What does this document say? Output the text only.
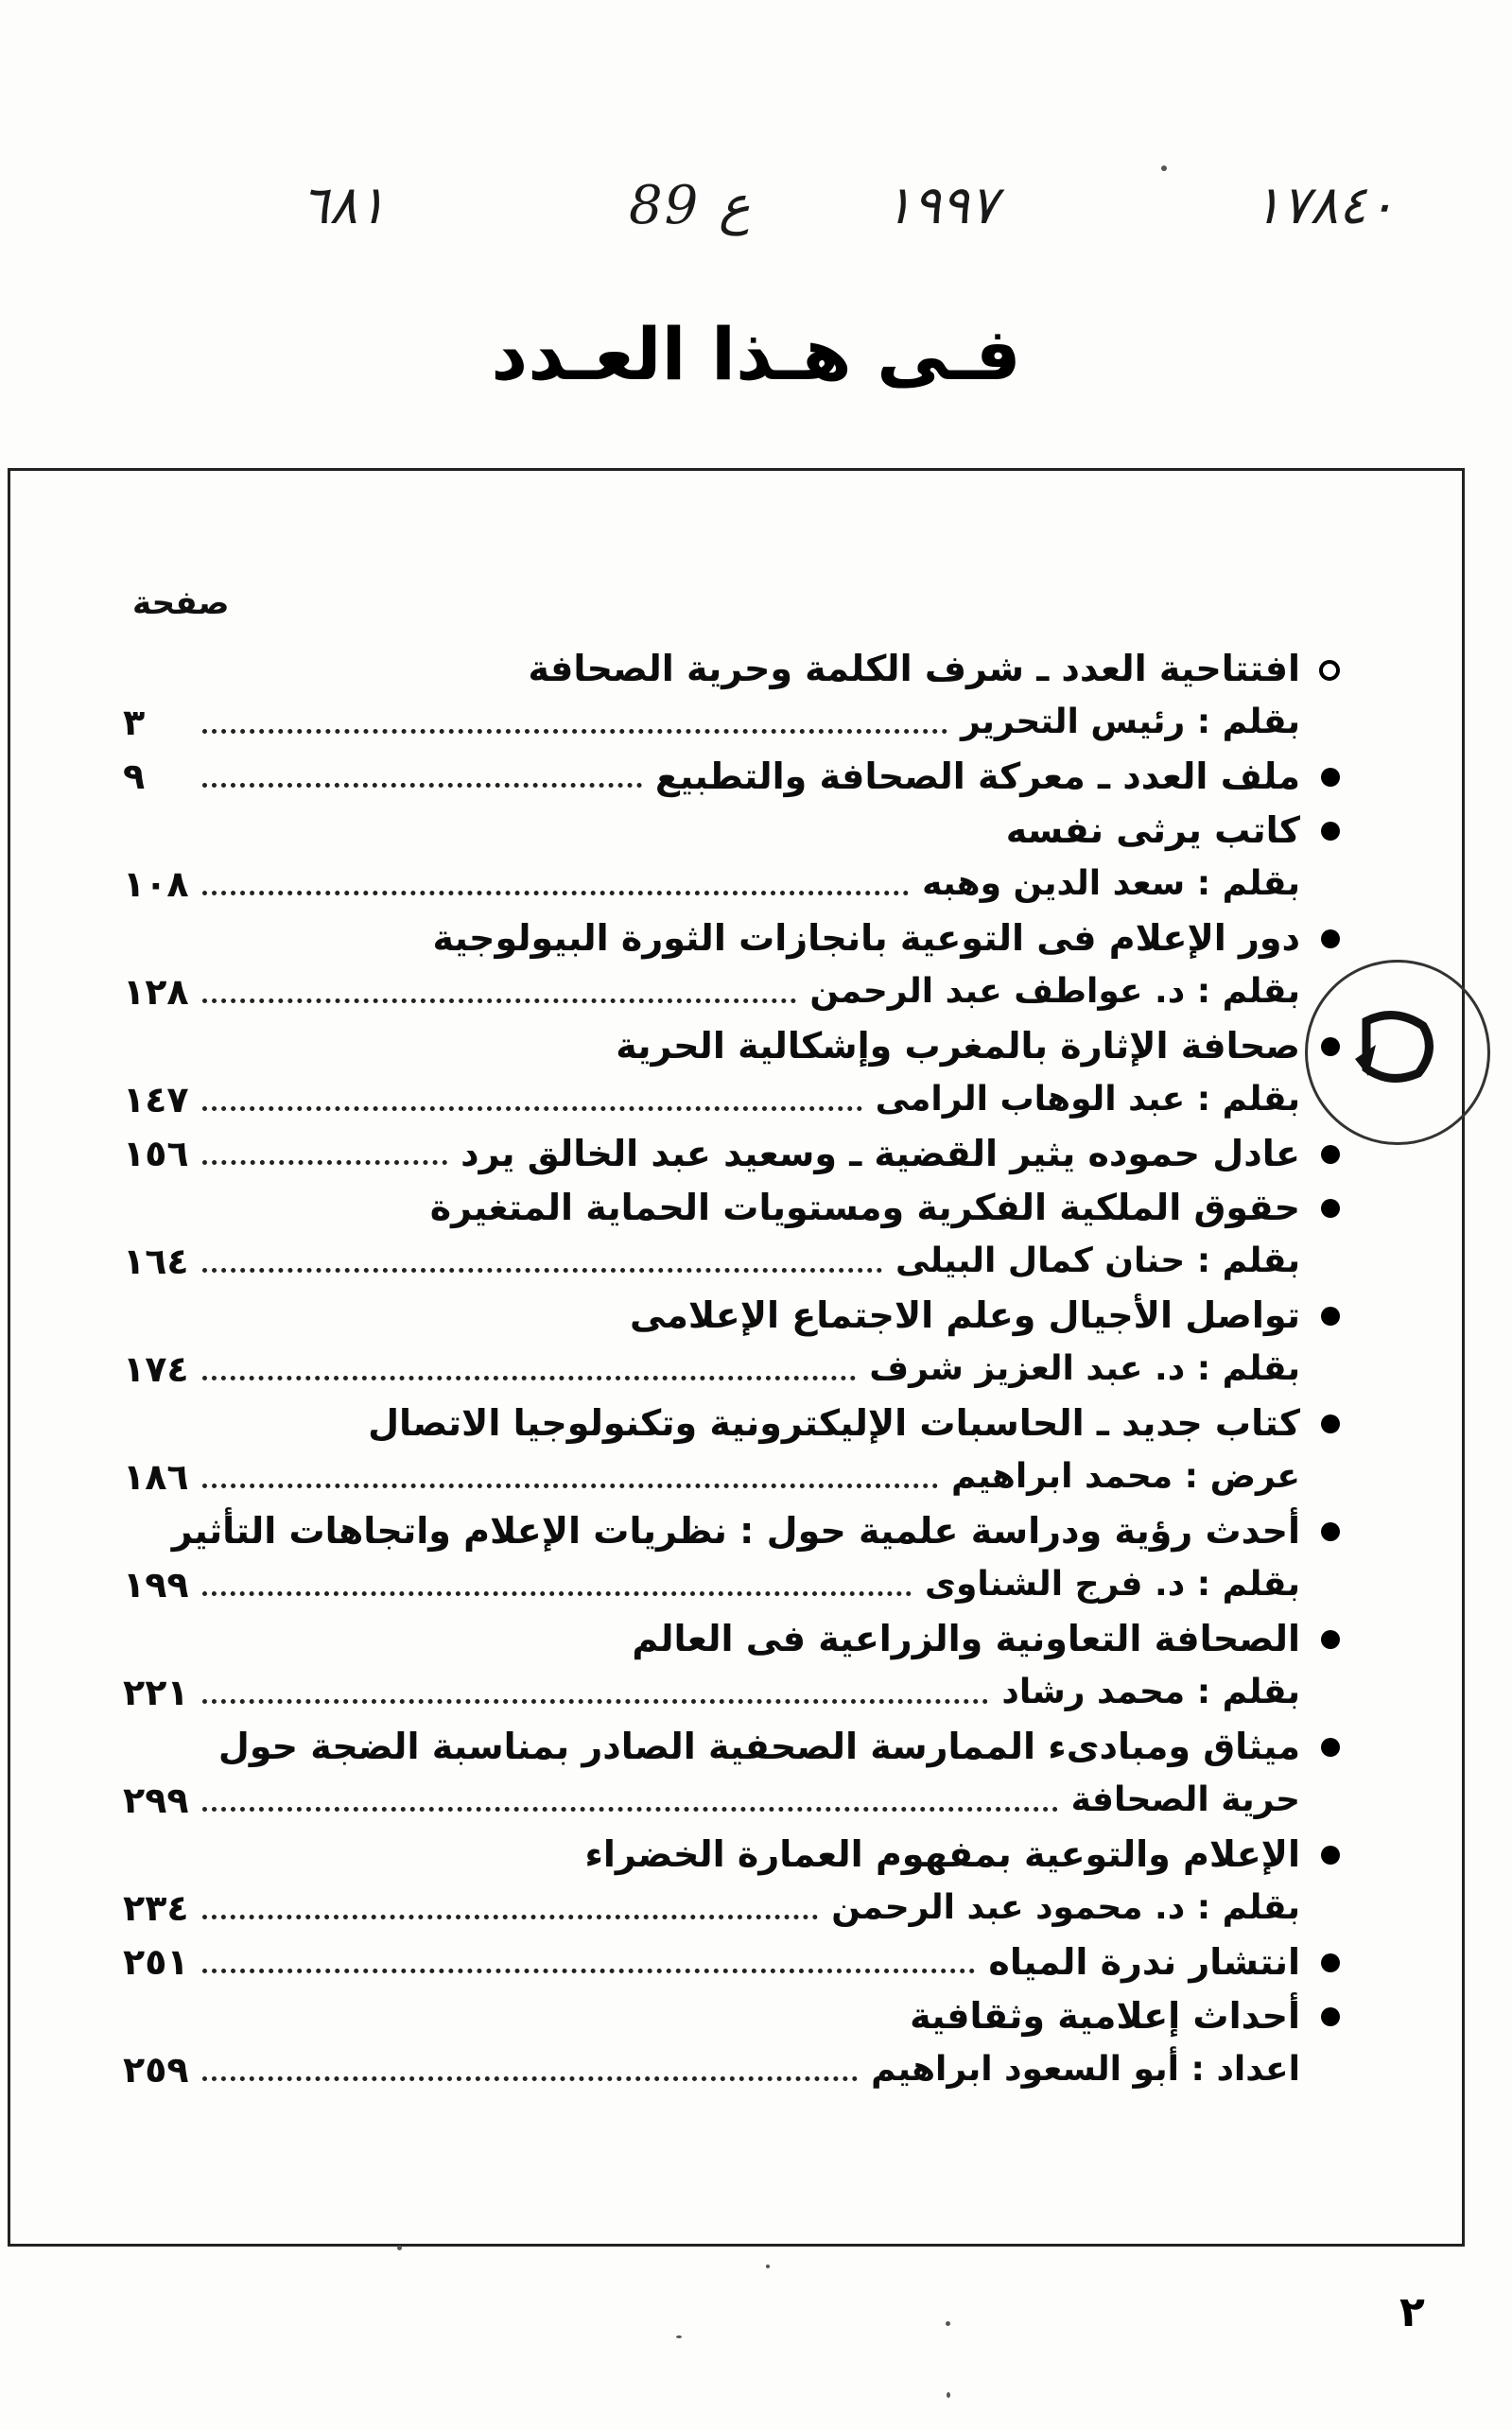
١٧٨٤٠
١٩٩٧
ع
89
٦٨١
فـى هـذا العـدد
صفحة
افتتاحية العدد ـ شرف الكلمة وحرية الصحافة
بقلم : رئيس التحرير
٣
ملف العدد ـ معركة الصحافة والتطبيع
٩
كاتب يرثى نفسه
بقلم : سعد الدين وهبه
١٠٨
دور الإعلام فى التوعية بانجازات الثورة البيولوجية
بقلم : د. عواطف عبد الرحمن
١٢٨
صحافة الإثارة بالمغرب وإشكالية الحرية
بقلم : عبد الوهاب الرامى
١٤٧
عادل حموده يثير القضية ـ وسعيد عبد الخالق يرد
١٥٦
حقوق الملكية الفكرية ومستويات الحماية المتغيرة
بقلم : حنان كمال البيلى
١٦٤
تواصل الأجيال وعلم الاجتماع الإعلامى
بقلم : د. عبد العزيز شرف
١٧٤
كتاب جديد ـ الحاسبات الإليكترونية وتكنولوجيا الاتصال
عرض : محمد ابراهيم
١٨٦
أحدث رؤية ودراسة علمية حول : نظريات الإعلام واتجاهات التأثير
بقلم : د. فرج الشناوى
١٩٩
الصحافة التعاونية والزراعية فى العالم
بقلم : محمد رشاد
٢٢١
ميثاق ومبادىء الممارسة الصحفية الصادر بمناسبة الضجة حول
حرية الصحافة
٢٩٩
الإعلام والتوعية بمفهوم العمارة الخضراء
بقلم : د. محمود عبد الرحمن
٢٣٤
انتشار ندرة المياه
٢٥١
أحداث إعلامية وثقافية
اعداد : أبو السعود ابراهيم
٢٥٩
٢
